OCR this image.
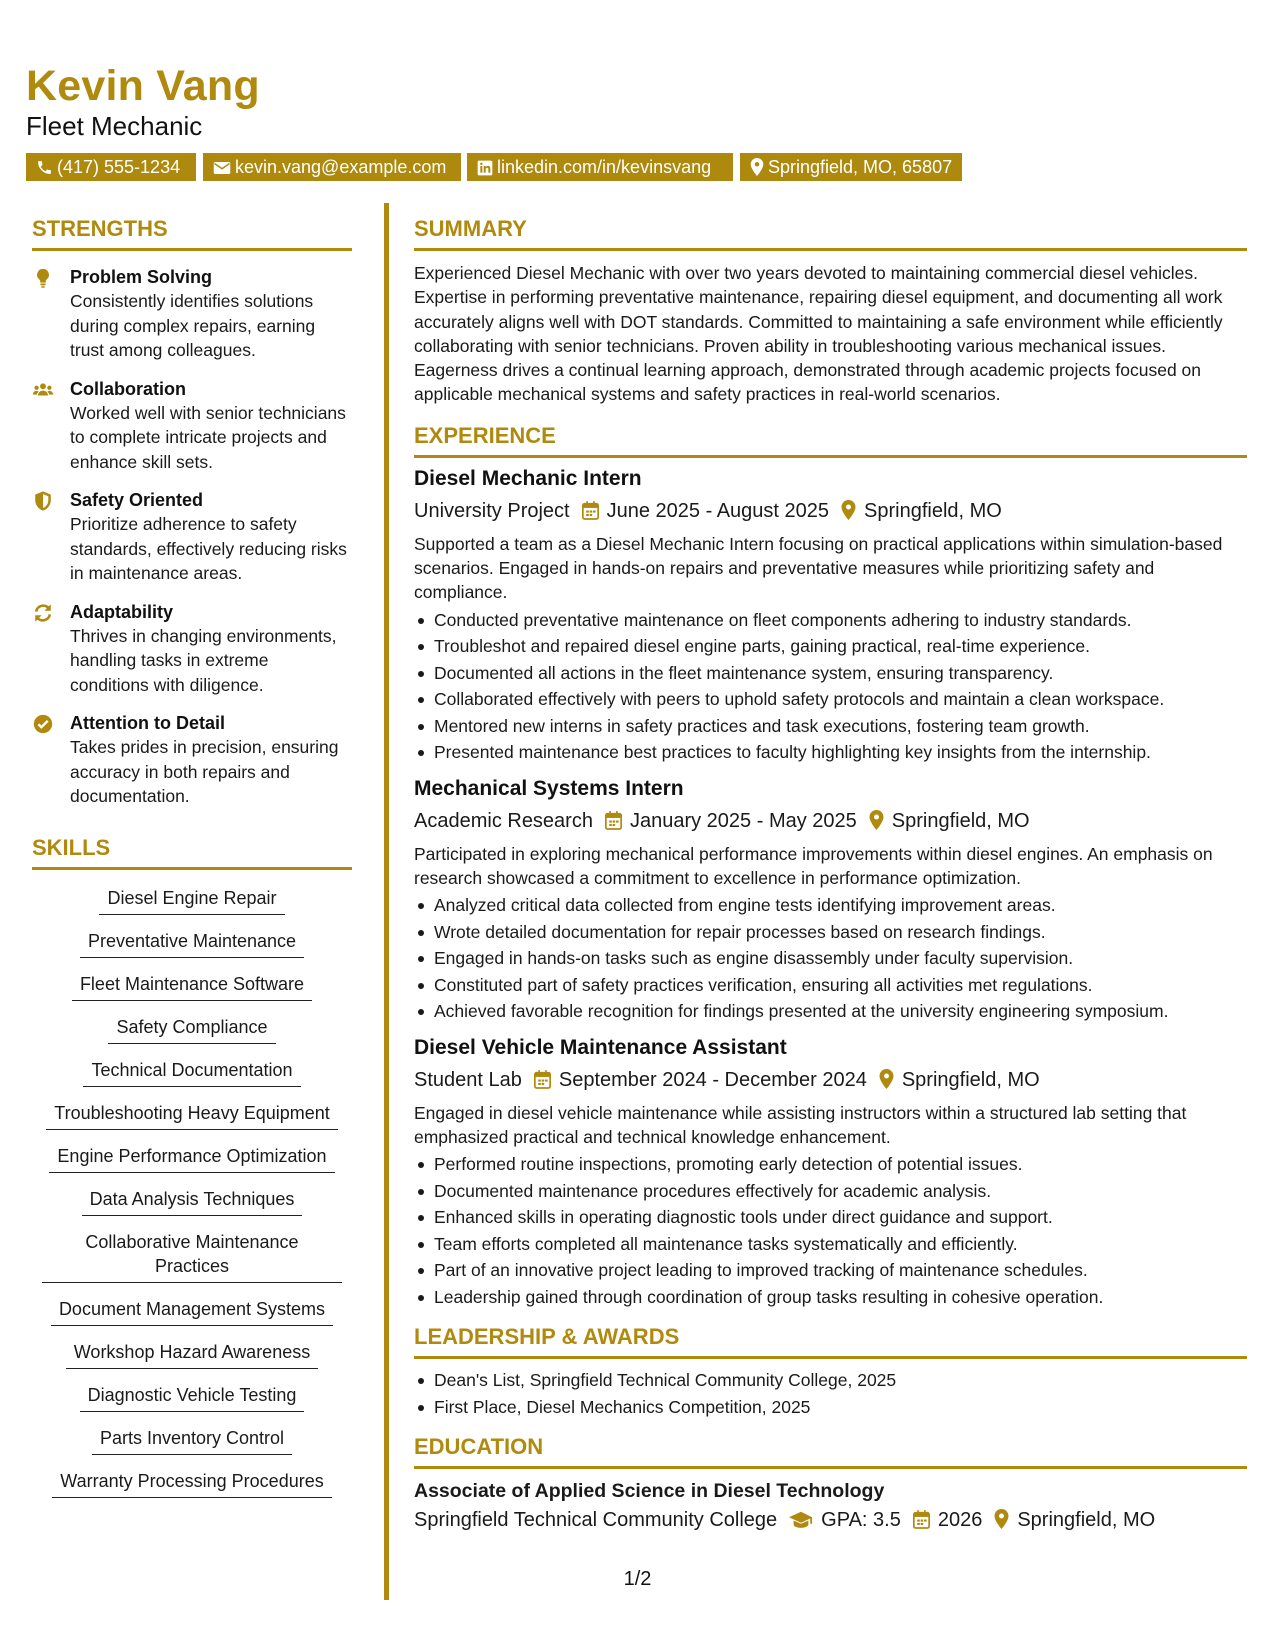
Kevin Vang
Fleet Mechanic
(417) 555-1234	kevin.vang@example.com	linkedin.com/in/kevinsvang	Springfield, MO, 65807
STRENGTHS
Problem Solving
Consistently identifies solutions during complex repairs, earning trust among colleagues.
Collaboration
Worked well with senior technicians to complete intricate projects and enhance skill sets.
Safety Oriented
Prioritize adherence to safety standards, effectively reducing risks in maintenance areas.
Adaptability
Thrives in changing environments, handling tasks in extreme conditions with diligence.
Attention to Detail
Takes prides in precision, ensuring accuracy in both repairs and documentation.
SKILLS
Diesel Engine Repair
Preventative Maintenance
Fleet Maintenance Software
Safety Compliance
Technical Documentation
Troubleshooting Heavy Equipment
Engine Performance Optimization
Data Analysis Techniques
Collaborative Maintenance Practices
Document Management Systems
Workshop Hazard Awareness
Diagnostic Vehicle Testing
Parts Inventory Control
Warranty Processing Procedures
SUMMARY
Experienced Diesel Mechanic with over two years devoted to maintaining commercial diesel vehicles. Expertise in performing preventative maintenance, repairing diesel equipment, and documenting all work accurately aligns well with DOT standards. Committed to maintaining a safe environment while efficiently collaborating with senior technicians. Proven ability in troubleshooting various mechanical issues. Eagerness drives a continual learning approach, demonstrated through academic projects focused on applicable mechanical systems and safety practices in real-world scenarios.
EXPERIENCE
Diesel Mechanic Intern
University Project June 2025 - August 2025 Springfield, MO
Supported a team as a Diesel Mechanic Intern focusing on practical applications within simulation-based scenarios. Engaged in hands-on repairs and preventative measures while prioritizing safety and compliance.
Conducted preventative maintenance on fleet components adhering to industry standards.
Troubleshot and repaired diesel engine parts, gaining practical, real-time experience.
Documented all actions in the fleet maintenance system, ensuring transparency.
Collaborated effectively with peers to uphold safety protocols and maintain a clean workspace.
Mentored new interns in safety practices and task executions, fostering team growth.
Presented maintenance best practices to faculty highlighting key insights from the internship.
Mechanical Systems Intern
Academic Research January 2025 - May 2025 Springfield, MO
Participated in exploring mechanical performance improvements within diesel engines. An emphasis on research showcased a commitment to excellence in performance optimization.
Analyzed critical data collected from engine tests identifying improvement areas.
Wrote detailed documentation for repair processes based on research findings.
Engaged in hands-on tasks such as engine disassembly under faculty supervision.
Constituted part of safety practices verification, ensuring all activities met regulations.
Achieved favorable recognition for findings presented at the university engineering symposium.
Diesel Vehicle Maintenance Assistant
Student Lab September 2024 - December 2024 Springfield, MO
Engaged in diesel vehicle maintenance while assisting instructors within a structured lab setting that emphasized practical and technical knowledge enhancement.
Performed routine inspections, promoting early detection of potential issues.
Documented maintenance procedures effectively for academic analysis.
Enhanced skills in operating diagnostic tools under direct guidance and support.
Team efforts completed all maintenance tasks systematically and efficiently.
Part of an innovative project leading to improved tracking of maintenance schedules.
Leadership gained through coordination of group tasks resulting in cohesive operation.
LEADERSHIP & AWARDS
Dean's List, Springfield Technical Community College, 2025
First Place, Diesel Mechanics Competition, 2025
EDUCATION
Associate of Applied Science in Diesel Technology
Springfield Technical Community College GPA: 3.5 2026 Springfield, MO
1/2
